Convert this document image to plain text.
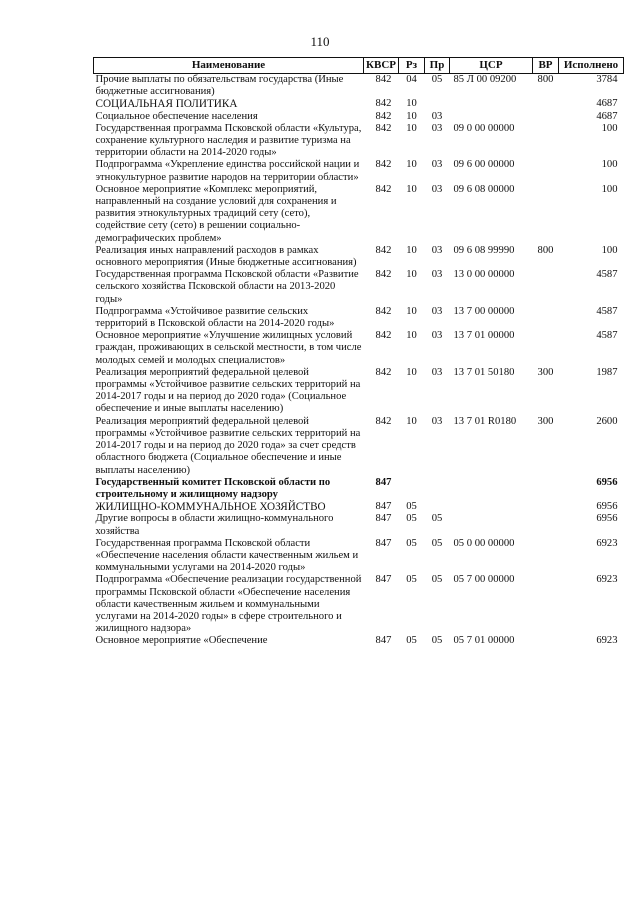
110
Наименование	КВСР	Рз	Пр	ЦСР	ВР	Исполнено
Прочие выплаты по обязательствам государства (Иные бюджетные ассигнования)	842	04	05	85 Л 00 09200	800	3784
СОЦИАЛЬНАЯ ПОЛИТИКА	842	10				4687
Социальное обеспечение населения	842	10	03			4687
Государственная программа Псковской области «Культура, сохранение культурного наследия и развитие туризма на территории области на 2014-2020 годы»	842	10	03	09 0 00 00000		100
Подпрограмма «Укрепление единства российской нации и этнокультурное развитие народов на территории области»	842	10	03	09 6 00 00000		100
Основное мероприятие «Комплекс мероприятий, направленный на создание условий для сохранения и развития этнокультурных традиций сету (сето), содействие сету (сето) в решении социально-демографических проблем»	842	10	03	09 6 08 00000		100
Реализация иных направлений расходов в рамках основного мероприятия (Иные бюджетные ассигнования)	842	10	03	09 6 08 99990	800	100
Государственная программа Псковской области «Развитие сельского хозяйства Псковской области на 2013-2020 годы»	842	10	03	13 0 00 00000		4587
Подпрограмма «Устойчивое развитие сельских территорий в Псковской области на 2014-2020 годы»	842	10	03	13 7 00 00000		4587
Основное мероприятие «Улучшение жилищных условий граждан, проживающих в сельской местности, в том числе молодых семей и молодых специалистов»	842	10	03	13 7 01 00000		4587
Реализация мероприятий федеральной целевой программы «Устойчивое развитие сельских территорий на 2014-2017 годы и на период до 2020 года» (Социальное обеспечение и иные выплаты населению)	842	10	03	13 7 01 50180	300	1987
Реализация мероприятий федеральной целевой программы «Устойчивое развитие сельских территорий на 2014-2017 годы и на период до 2020 года» за счет средств областного бюджета (Социальное обеспечение и иные выплаты населению)	842	10	03	13 7 01 R0180	300	2600
Государственный комитет Псковской области по строительному и жилищному надзору	847					6956
ЖИЛИЩНО-КОММУНАЛЬНОЕ ХОЗЯЙСТВО	847	05				6956
Другие вопросы в области жилищно-коммунального хозяйства	847	05	05			6956
Государственная программа Псковской области «Обеспечение населения области качественным жильем и коммунальными услугами на 2014-2020 годы»	847	05	05	05 0 00 00000		6923
Подпрограмма «Обеспечение реализации государственной программы Псковской области «Обеспечение населения области качественным жильем и коммунальными услугами на 2014-2020 годы» в сфере строительного и жилищного надзора»	847	05	05	05 7 00 00000		6923
Основное мероприятие «Обеспечение	847	05	05	05 7 01 00000		6923
